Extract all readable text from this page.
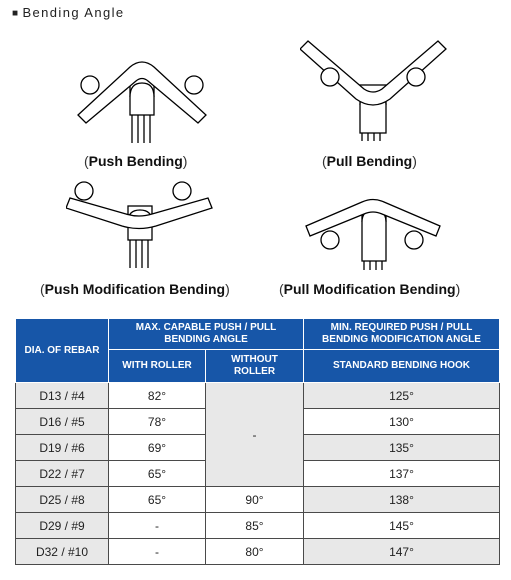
■ Bending Angle
(Push Bending)	(Pull Bending)
(Push Modification Bending)	(Pull Modification Bending)
DIA. OF REBAR	MAX. CAPABLE PUSH / PULL BENDING ANGLE		MIN. REQUIRED PUSH / PULL BENDING MODIFICATION ANGLE
	WITH ROLLER	WITHOUT ROLLER	STANDARD BENDING HOOK
D13 / #4	82°	-	125°
D16 / #5	78°		130°
D19 / #6	69°		135°
D22 / #7	65°		137°
D25 / #8	65°	90°	138°
D29 / #9	-	85°	145°
D32 / #10	-	80°	147°
